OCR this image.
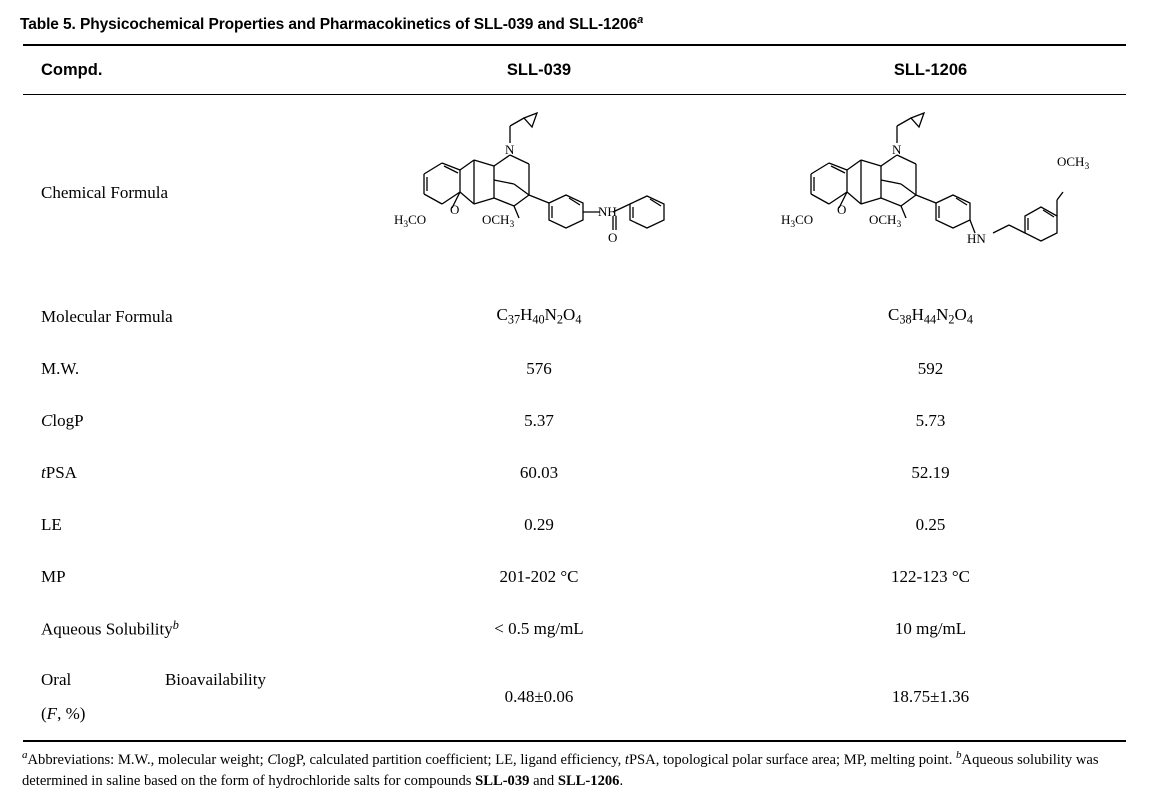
Table 5. Physicochemical Properties and Pharmacokinetics of SLL-039 and SLL-1206$^a$
Compd.	SLL-039	SLL-1206
Chemical Formula	
N
$H_3CO$	$OCH_3$
O	NH
O

N
$H_3CO$	$OCH_3$
O
HN
$OCH_3$

Molecular Formula	$C_{37}H_{40}N_2O_4$	$C_{38}H_{44}N_2O_4$
M.W.	576	592
ClogP	5.37	5.73
tPSA	60.03	52.19
LE	0.29	0.25
MP	201-202 °C	122-123 °C
Aqueous Solubility$^b$	< 0.5 mg/mL	10 mg/mL

Oral Bioavailability
(F, %)	0.48±0.06	18.75±1.36
$^a$Abbreviations: M.W., molecular weight; ClogP, calculated partition coefficient; LE, ligand efficiency, tPSA, topological polar surface area; MP, melting point. $^b$Aqueous solubility was determined in saline based on the form of hydrochloride salts for compounds SLL-039 and SLL-1206.
